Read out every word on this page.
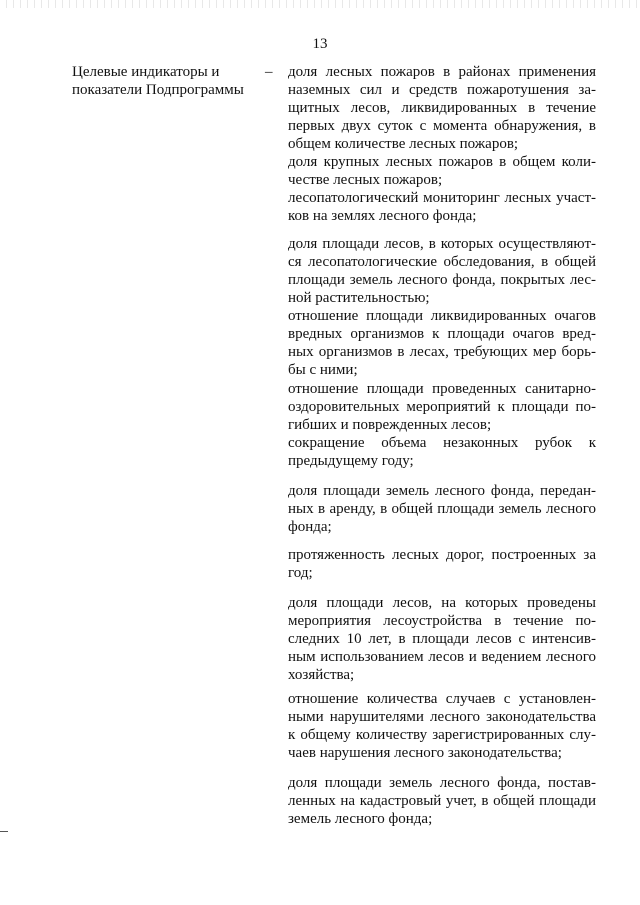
13
Целевые индикаторы и показатели Подпрограммы
– доля лесных пожаров в районах применения
наземных сил и средств пожаротушения за-
щитных лесов, ликвидированных в течение
первых двух суток с момента обнаружения, в
общем количестве лесных пожаров;
доля крупных лесных пожаров в общем коли-
честве лесных пожаров;
лесопатологический мониторинг лесных участ-
ков на землях лесного фонда;
доля площади лесов, в которых осуществляют-
ся лесопатологические обследования, в общей
площади земель лесного фонда, покрытых лес-
ной растительностью;
отношение площади ликвидированных очагов
вредных организмов к площади очагов вред-
ных организмов в лесах, требующих мер борь-
бы с ними;
отношение площади проведенных санитарно-
оздоровительных мероприятий к площади по-
гибших и поврежденных лесов;
сокращение объема незаконных рубок к
предыдущему году;
доля площади земель лесного фонда, передан-
ных в аренду, в общей площади земель лесного
фонда;
протяженность лесных дорог, построенных за
год;
доля площади лесов, на которых проведены
мероприятия лесоустройства в течение по-
следних 10 лет, в площади лесов с интенсив-
ным использованием лесов и ведением лесного
хозяйства;
отношение количества случаев с установлен-
ными нарушителями лесного законодательства
к общему количеству зарегистрированных слу-
чаев нарушения лесного законодательства;
доля площади земель лесного фонда, постав-
ленных на кадастровый учет, в общей площади
земель лесного фонда;
